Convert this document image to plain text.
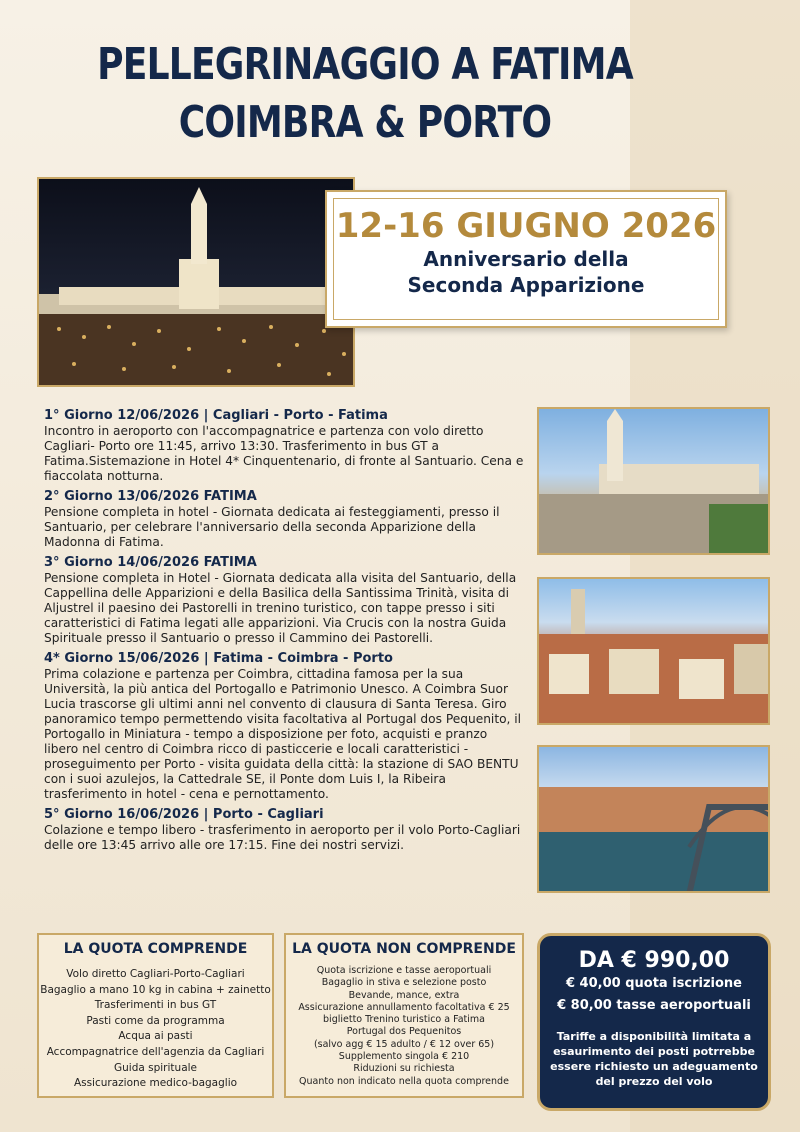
PELLEGRINAGGIO A FATIMA
COIMBRA & PORTO
12-16 GIUGNO 2026
Anniversario della
Seconda Apparizione
1° Giorno 12/06/2026 | Cagliari - Porto - Fatima
Incontro in aeroporto con l'accompagnatrice e partenza con volo diretto Cagliari- Porto ore 11:45, arrivo 13:30. Trasferimento in bus GT a Fatima.Sistemazione in Hotel 4* Cinquentenario, di fronte al Santuario. Cena e fiaccolata notturna.
2° Giorno 13/06/2026 FATIMA
Pensione completa in hotel - Giornata dedicata ai festeggiamenti, presso il Santuario, per celebrare l'anniversario della seconda Apparizione della Madonna di Fatima.
3° Giorno 14/06/2026 FATIMA
Pensione completa in Hotel - Giornata dedicata alla visita del Santuario, della Cappellina delle Apparizioni e della Basilica della Santissima Trinità, visita di Aljustrel il paesino dei Pastorelli in trenino turistico, con tappe presso i siti caratteristici di Fatima legati alle apparizioni. Via Crucis con la nostra Guida Spirituale presso il Santuario o presso il Cammino dei Pastorelli.
4* Giorno 15/06/2026 | Fatima - Coimbra - Porto
Prima colazione e partenza per Coimbra, cittadina famosa per la sua Università, la più antica del Portogallo e Patrimonio Unesco. A Coimbra Suor Lucia trascorse gli ultimi anni nel convento di clausura di Santa Teresa. Giro panoramico tempo permettendo visita facoltativa al Portugal dos Pequenito, il Portogallo in Miniatura - tempo a disposizione per foto, acquisti e pranzo libero nel centro di Coimbra ricco di pasticcerie e locali caratteristici - proseguimento per Porto - visita guidata della città: la stazione di SAO BENTU con i suoi azulejos, la Cattedrale SE, il Ponte dom Luis I, la Ribeira trasferimento in hotel - cena e pernottamento.
5° Giorno 16/06/2026 | Porto - Cagliari
Colazione e tempo libero - trasferimento in aeroporto per il volo Porto-Cagliari delle ore 13:45 arrivo alle ore 17:15. Fine dei nostri servizi.
LA QUOTA COMPRENDE
Volo diretto Cagliari-Porto-Cagliari
Bagaglio a mano 10 kg in cabina + zainetto
Trasferimenti in bus GT
Pasti come da programma
Acqua ai pasti
Accompagnatrice dell'agenzia da Cagliari
Guida spirituale
Assicurazione medico-bagaglio
LA QUOTA NON COMPRENDE
Quota iscrizione e tasse aeroportuali
Bagaglio in stiva e selezione posto
Bevande, mance, extra
Assicurazione annullamento facoltativa € 25
biglietto Trenino turistico a Fatima
Portugal dos Pequenitos
(salvo agg € 15 adulto / € 12 over 65)
Supplemento singola € 210
Riduzioni su richiesta
Quanto non indicato nella quota comprende
DA € 990,00
€ 40,00 quota iscrizione
€ 80,00 tasse aeroportuali
Tariffe a disponibilità limitata a esaurimento dei posti potrrebbe essere richiesto un adeguamento del prezzo del volo
